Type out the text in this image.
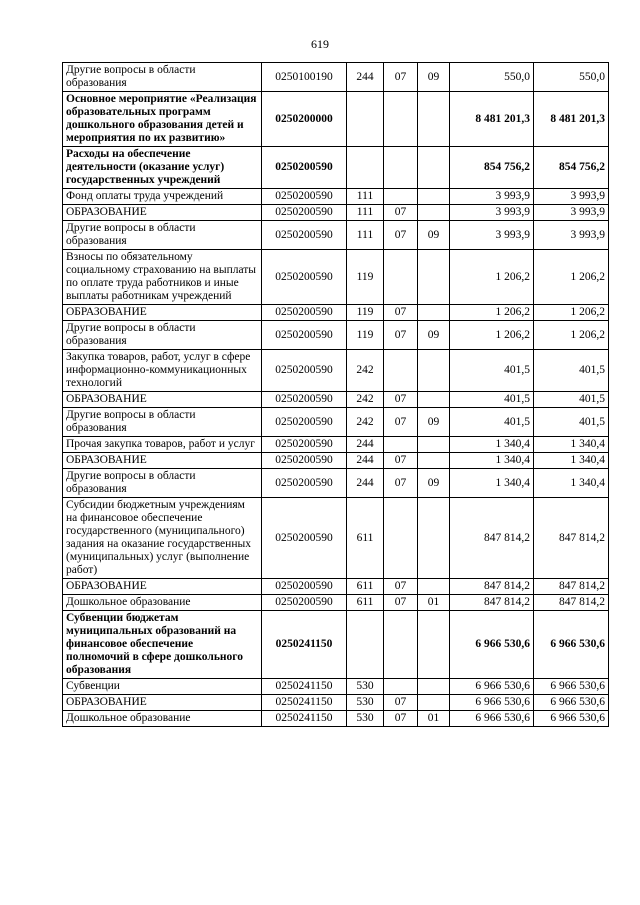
619
Другие вопросы в области образования	0250100190	244	07	09	550,0	550,0
Основное мероприятие «Реализация образовательных программ дошкольного образования детей и мероприятия по их развитию»	0250200000				8 481 201,3	8 481 201,3
Расходы на обеспечение деятельности (оказание услуг) государственных учреждений	0250200590				854 756,2	854 756,2
Фонд оплаты труда учреждений	0250200590	111			3 993,9	3 993,9
ОБРАЗОВАНИЕ	0250200590	111	07		3 993,9	3 993,9
Другие вопросы в области образования	0250200590	111	07	09	3 993,9	3 993,9
Взносы по обязательному социальному страхованию на выплаты по оплате труда работников и иные выплаты работникам учреждений	0250200590	119			1 206,2	1 206,2
ОБРАЗОВАНИЕ	0250200590	119	07		1 206,2	1 206,2
Другие вопросы в области образования	0250200590	119	07	09	1 206,2	1 206,2
Закупка товаров, работ, услуг в сфере информационно-коммуникационных технологий	0250200590	242			401,5	401,5
ОБРАЗОВАНИЕ	0250200590	242	07		401,5	401,5
Другие вопросы в области образования	0250200590	242	07	09	401,5	401,5
Прочая закупка товаров, работ и услуг	0250200590	244			1 340,4	1 340,4
ОБРАЗОВАНИЕ	0250200590	244	07		1 340,4	1 340,4
Другие вопросы в области образования	0250200590	244	07	09	1 340,4	1 340,4
Субсидии бюджетным учреждениям на финансовое обеспечение государственного (муниципального) задания на оказание государственных (муниципальных) услуг (выполнение работ)	0250200590	611			847 814,2	847 814,2
ОБРАЗОВАНИЕ	0250200590	611	07		847 814,2	847 814,2
Дошкольное образование	0250200590	611	07	01	847 814,2	847 814,2
Субвенции бюджетам муниципальных образований на финансовое обеспечение полномочий в сфере дошкольного образования	0250241150				6 966 530,6	6 966 530,6
Субвенции	0250241150	530			6 966 530,6	6 966 530,6
ОБРАЗОВАНИЕ	0250241150	530	07		6 966 530,6	6 966 530,6
Дошкольное образование	0250241150	530	07	01	6 966 530,6	6 966 530,6
